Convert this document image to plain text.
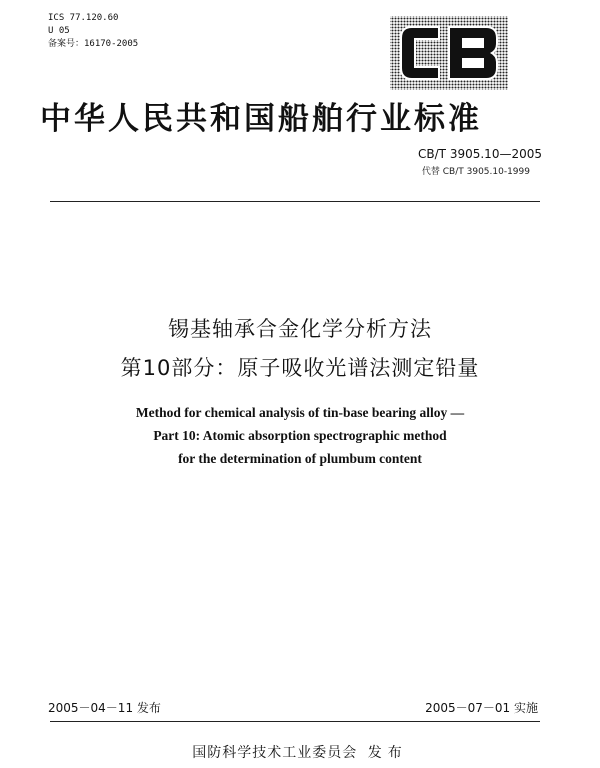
ICS 77.120.60
U 05
备案号：16170-2005
中华人民共和国船舶行业标准
CB/T 3905.10—2005
代替 CB/T 3905.10-1999
锡基轴承合金化学分析方法
第10部分：原子吸收光谱法测定铅量
Method for chemical analysis of tin-base bearing alloy —
Part 10: Atomic absorption spectrographic method
for the determination of plumbum content
2005－04－11 发布	2005－07－01 实施
国防科学技术工业委员会 发布
